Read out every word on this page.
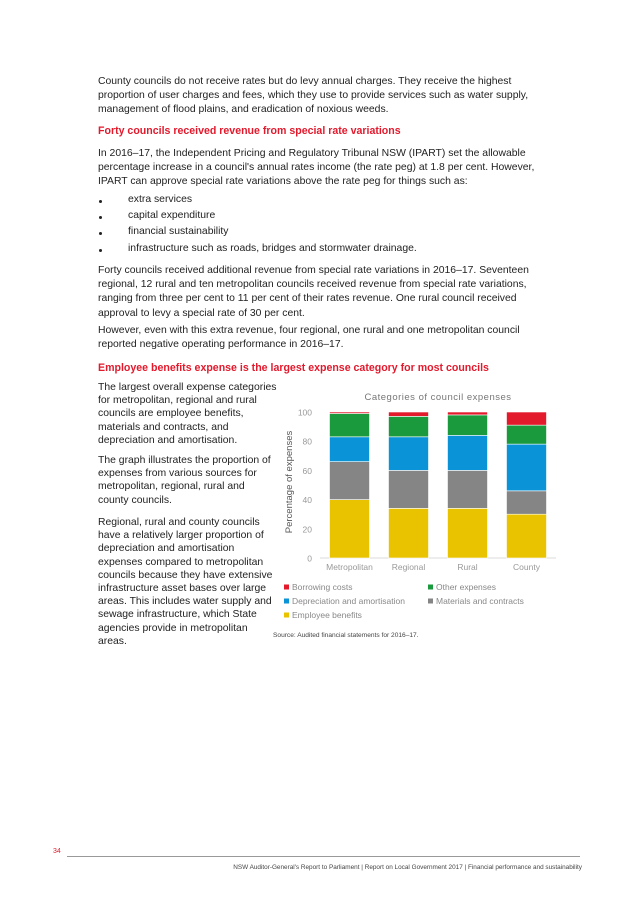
County councils do not receive rates but do levy annual charges. They receive the highest proportion of user charges and fees, which they use to provide services such as water supply, management of flood plains, and eradication of noxious weeds.

Forty councils received revenue from special rate variations

In 2016–17, the Independent Pricing and Regulatory Tribunal NSW (IPART) set the allowable percentage increase in a council's annual rates income (the rate peg) at 1.8 per cent. However, IPART can approve special rate variations above the rate peg for things such as:

extra services
capital expenditure
financial sustainability
infrastructure such as roads, bridges and stormwater drainage.

Forty councils received additional revenue from special rate variations in 2016–17. Seventeen regional, 12 rural and ten metropolitan councils received revenue from special rate variations, ranging from three per cent to 11 per cent of their rates revenue. One rural council received approval to levy a special rate of 30 per cent.

However, even with this extra revenue, four regional, one rural and one metropolitan council reported negative operating performance in 2016–17.

Employee benefits expense is the largest expense category for most councils

The largest overall expense categories for metropolitan, regional and rural councils are employee benefits, materials and contracts, and depreciation and amortisation.

The graph illustrates the proportion of expenses from various sources for metropolitan, regional, rural and county councils.

Regional, rural and county councils have a relatively larger proportion of depreciation and amortisation expenses compared to metropolitan councils because they have extensive infrastructure asset bases over large areas. This includes water supply and sewage infrastructure, which State agencies provide in metropolitan areas.

Categories of council expenses
Percentage of expenses
0
20
40
60
80
100
Metropolitan Regional	Rural	County
Borrowing costs	Other expenses
Depreciation and amortisation	Materials and contracts
Employee benefits

Source: Audited financial statements for 2016–17.

34
NSW Auditor-General's Report to Parliament | Report on Local Government 2017 | Financial performance and sustainability
